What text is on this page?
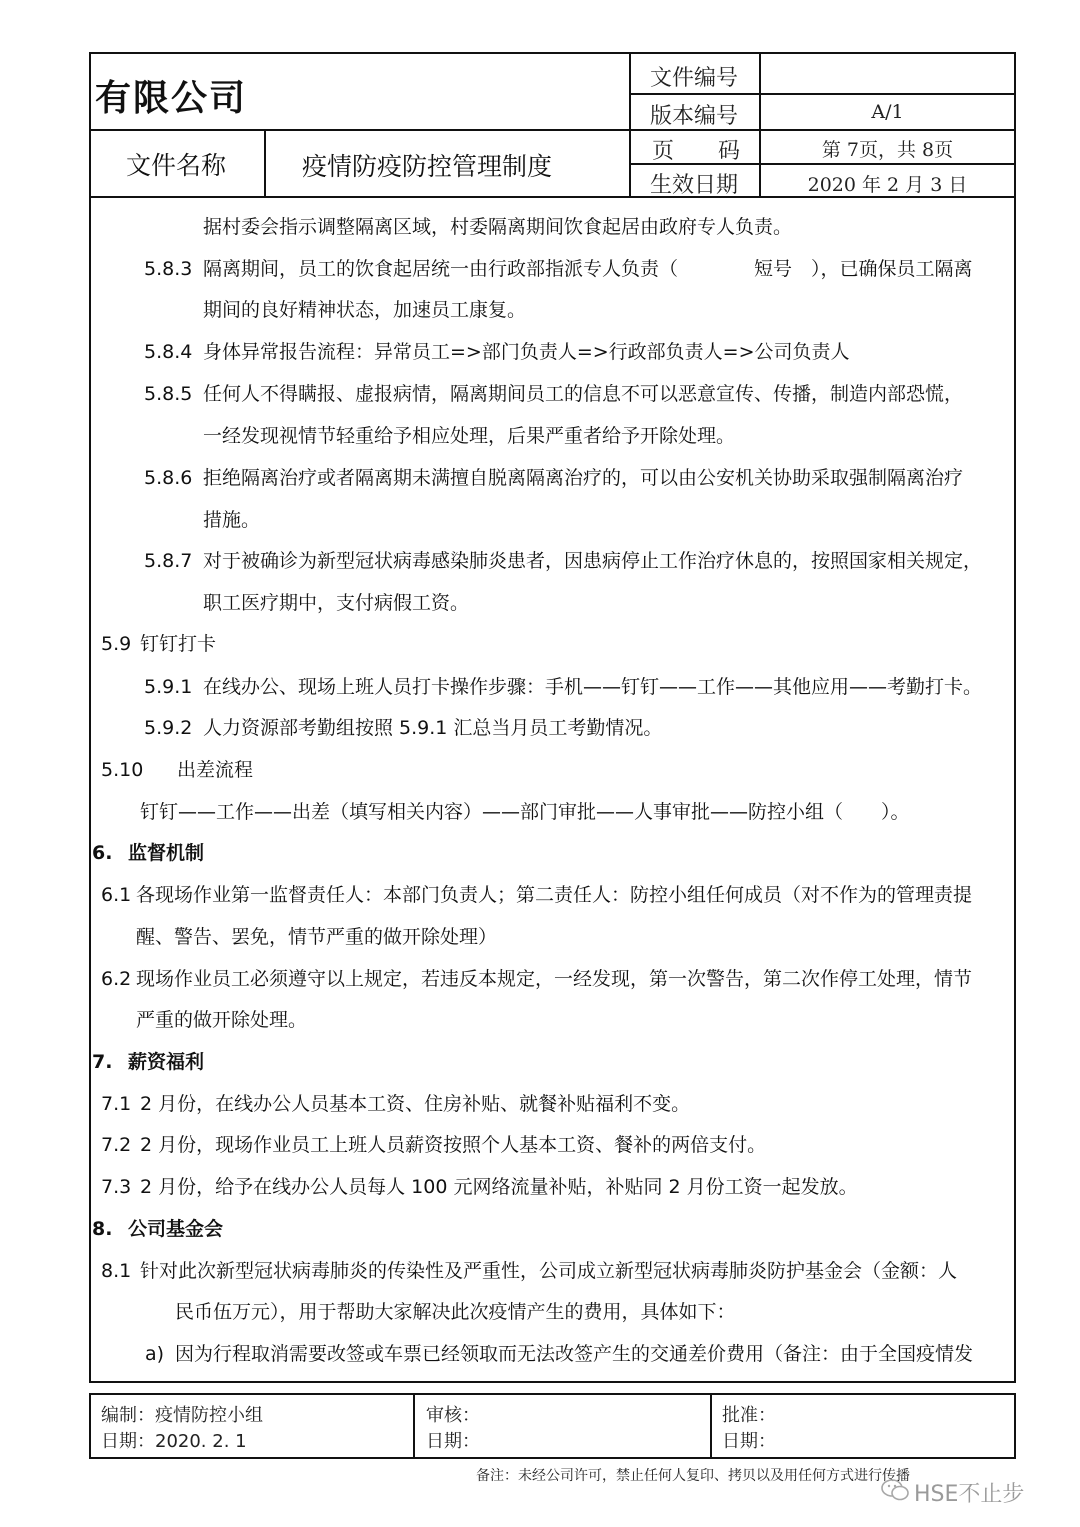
有限公司	文件编号
版本编号	A/1
页　　码	第 7页，共 8页
生效日期	2020 年 2 月 3 日
文件名称	疫情防疫防控管理制度
据村委会指示调整隔离区域，村委隔离期间饮食起居由政府专人负责。
5.8.3 隔离期间，员工的饮食起居统一由行政部指派专人负责（　　　　短号　），已确保员工隔离
期间的良好精神状态，加速员工康复。
5.8.4 身体异常报告流程：异常员工=>部门负责人=>行政部负责人=>公司负责人
5.8.5 任何人不得瞒报、虚报病情，隔离期间员工的信息不可以恶意宣传、传播，制造内部恐慌，
一经发现视情节轻重给予相应处理，后果严重者给予开除处理。
5.8.6 拒绝隔离治疗或者隔离期未满擅自脱离隔离治疗的，可以由公安机关协助采取强制隔离治疗
措施。
5.8.7 对于被确诊为新型冠状病毒感染肺炎患者，因患病停止工作治疗休息的，按照国家相关规定，
职工医疗期中，支付病假工资。
5.9 钉钉打卡
5.9.1 在线办公、现场上班人员打卡操作步骤：手机——钉钉——工作——其他应用——考勤打卡。
5.9.2 人力资源部考勤组按照 5.9.1 汇总当月员工考勤情况。
5.10 出差流程
钉钉——工作——出差（填写相关内容）——部门审批——人事审批——防控小组（　　）。
6. 监督机制
6.1 各现场作业第一监督责任人：本部门负责人；第二责任人：防控小组任何成员（对不作为的管理责提
醒、警告、罢免，情节严重的做开除处理）
6.2 现场作业员工必须遵守以上规定，若违反本规定，一经发现，第一次警告，第二次作停工处理，情节
严重的做开除处理。
7. 薪资福利
7.1 2 月份，在线办公人员基本工资、住房补贴、就餐补贴福利不变。
7.2 2 月份，现场作业员工上班人员薪资按照个人基本工资、餐补的两倍支付。
7.3 2 月份，给予在线办公人员每人 100 元网络流量补贴，补贴同 2 月份工资一起发放。
8. 公司基金会
8.1 针对此次新型冠状病毒肺炎的传染性及严重性，公司成立新型冠状病毒肺炎防护基金会（金额：人
民币伍万元），用于帮助大家解决此次疫情产生的费用，具体如下：
a) 因为行程取消需要改签或车票已经领取而无法改签产生的交通差价费用（备注：由于全国疫情发
编制：疫情防控小组
日期：2020. 2. 1
审核：
日期：
批准：
日期：
备注：未经公司许可，禁止任何人复印、拷贝以及用任何方式进行传播
HSE不止步
